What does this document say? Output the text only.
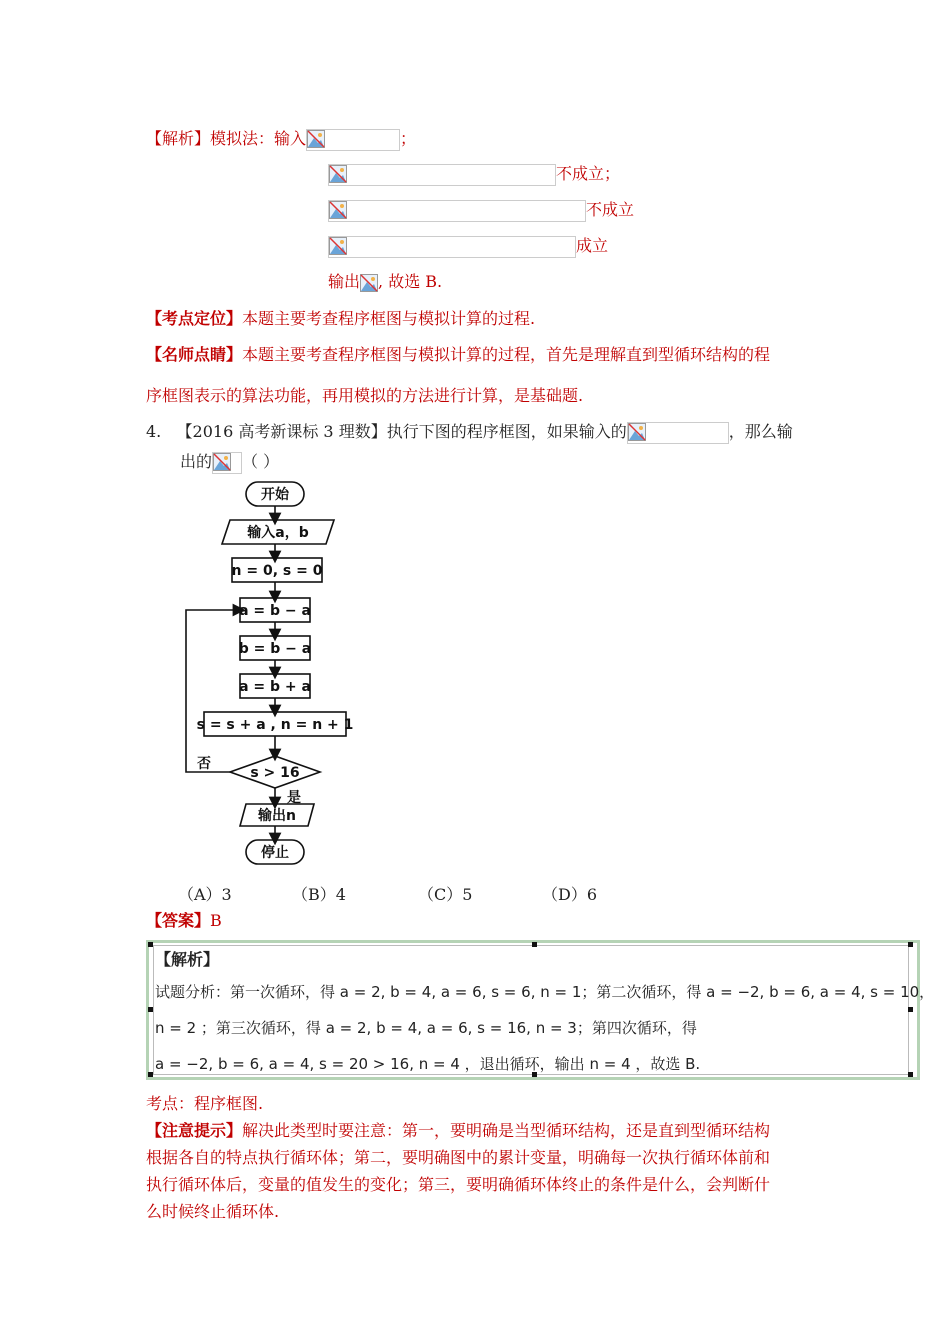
【解析】模拟法：输入	；
不成立；
不成立
成立
输出 , 故选 B.
【考点定位】本题主要考查程序框图与模拟计算的过程.
【名师点睛】本题主要考查程序框图与模拟计算的过程，首先是理解直到型循环结构的程
序框图表示的算法功能，再用模拟的方法进行计算，是基础题.
4. 【2016 高考新课标 3 理数】执行下图的程序框图，如果输入的	，那么输
出的 （ ）
开始
输入a，b
n = 0, s = 0
a = b − a
b = b − a
a = b + a
s = s + a , n = n + 1
s > 16
否
是
输出n
停止
（A）3	（B）4	（C）5	（D）6
【答案】B
【解析】
试题分析：第一次循环，得 a = 2, b = 4, a = 6, s = 6, n = 1；第二次循环，得 a = −2, b = 6, a = 4, s = 10，
n = 2 ；第三次循环，得 a = 2, b = 4, a = 6, s = 16, n = 3；第四次循环，得
a = −2, b = 6, a = 4, s = 20 > 16, n = 4 ，退出循环，输出 n = 4 ，故选 B.
考点：程序框图.
【注意提示】解决此类型时要注意：第一，要明确是当型循环结构，还是直到型循环结构
根据各自的特点执行循环体；第二，要明确图中的累计变量，明确每一次执行循环体前和
执行循环体后，变量的值发生的变化；第三，要明确循环体终止的条件是什么，会判断什
么时候终止循环体.
